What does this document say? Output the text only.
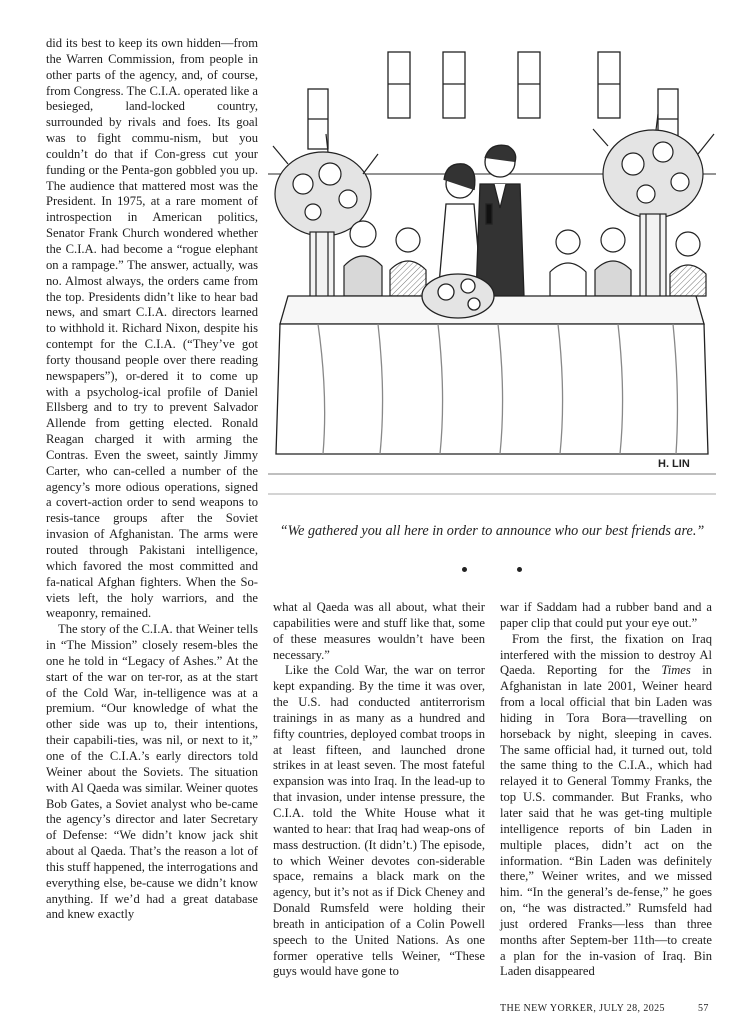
did its best to keep its own hidden—from the Warren Commission, from people in other parts of the agency, and, of course, from Congress. The C.I.A. operated like a besieged, land-locked country, surrounded by rivals and foes. Its goal was to fight commu-nism, but you couldn’t do that if Con-gress cut your funding or the Penta-gon gobbled you up. The audience that mattered most was the President. In 1975, at a rare moment of introspection in American politics, Senator Frank Church wondered whether the C.I.A. had become a “rogue elephant on a rampage.” The answer, actually, was no. Almost always, the orders came from the top. Presidents didn’t like to hear bad news, and smart C.I.A. directors learned to withhold it. Richard Nixon, despite his contempt for the C.I.A. (“They’ve got forty thousand people over there reading newspapers”), or-dered it to come up with a psycholog-ical profile of Daniel Ellsberg and to try to prevent Salvador Allende from getting elected. Ronald Reagan charged it with arming the Contras. Even the sweet, saintly Jimmy Carter, who can-celled a number of the agency’s more odious operations, signed a covert-action order to send weapons to resis-tance groups after the Soviet invasion of Afghanistan. The arms were routed through Pakistani intelligence, which favored the most committed and fa-natical Afghan fighters. When the So-viets left, the holy warriors, and the weaponry, remained.

The story of the C.I.A. that Weiner tells in “The Mission” closely resem-bles the one he told in “Legacy of Ashes.” At the start of the war on ter-ror, as at the start of the Cold War, in-telligence was at a premium. “Our knowledge of what the other side was up to, their intentions, their capabili-ties, was nil, or next to it,” one of the C.I.A.’s early directors told Weiner about the Soviets. The situation with Al Qaeda was similar. Weiner quotes Bob Gates, a Soviet analyst who be-came the agency’s director and later Secretary of Defense: “We didn’t know jack shit about al Qaeda. That’s the reason a lot of this stuff happened, the interrogations and everything else, be-cause we didn’t know anything. If we’d had a great database and knew exactly

H. LIN
“We gathered you all here in order to announce who our best friends are.”

what al Qaeda was all about, what their capabilities were and stuff like that, some of these measures wouldn’t have been necessary.”

Like the Cold War, the war on terror kept expanding. By the time it was over, the U.S. had conducted antiterrorism trainings in as many as a hundred and fifty countries, deployed combat troops in at least fifteen, and launched drone strikes in at least seven. The most fateful expansion was into Iraq. In the lead-up to that invasion, under intense pressure, the C.I.A. told the White House what it wanted to hear: that Iraq had weap-ons of mass destruction. (It didn’t.) The episode, to which Weiner devotes con-siderable space, remains a black mark on the agency, but it’s not as if Dick Cheney and Donald Rumsfeld were holding their breath in anticipation of a Colin Powell speech to the United Nations. As one former operative tells Weiner, “These guys would have gone to

war if Saddam had a rubber band and a paper clip that could put your eye out.”

From the first, the fixation on Iraq interfered with the mission to destroy Al Qaeda. Reporting for the Times in Afghanistan in late 2001, Weiner heard from a local official that bin Laden was hiding in Tora Bora—travelling on horseback by night, sleeping in caves. The same official had, it turned out, told the same thing to the C.I.A., which had relayed it to General Tommy Franks, the top U.S. commander. But Franks, who later said that he was get-ting multiple intelligence reports of bin Laden in multiple places, didn’t act on the information. “Bin Laden was definitely there,” Weiner writes, and we missed him. “In the general’s de-fense,” he goes on, “he was distracted.” Rumsfeld had just ordered Franks—less than three months after Septem-ber 11th—to create a plan for the in-vasion of Iraq. Bin Laden disappeared

THE NEW YORKER, JULY 28, 2025	57
